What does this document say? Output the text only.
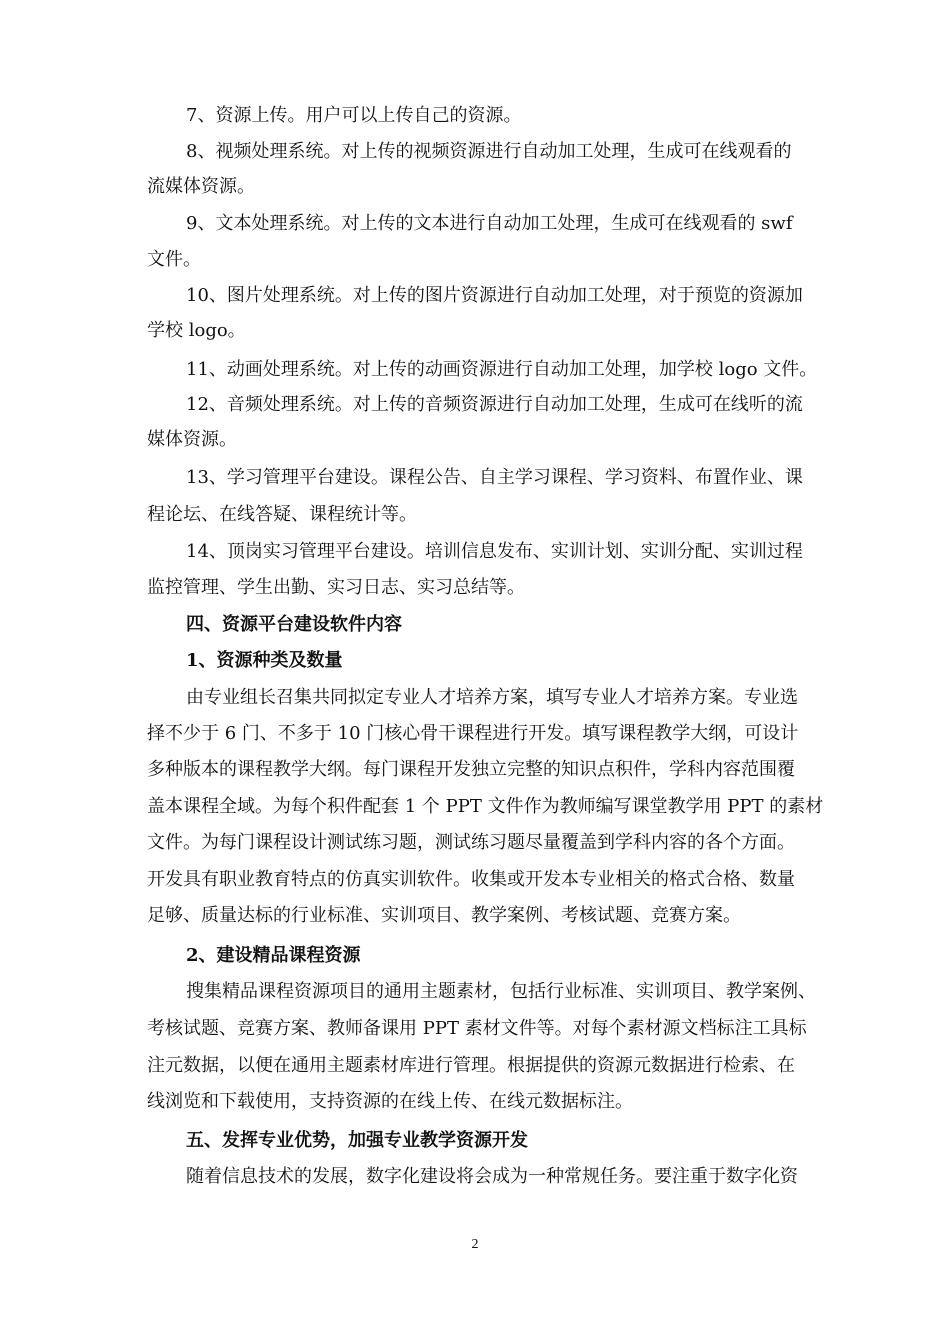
7、资源上传。用户可以上传自己的资源。
8、视频处理系统。对上传的视频资源进行自动加工处理，生成可在线观看的
流媒体资源。
9、文本处理系统。对上传的文本进行自动加工处理，生成可在线观看的 swf
文件。
10、图片处理系统。对上传的图片资源进行自动加工处理，对于预览的资源加
学校 logo。
11、动画处理系统。对上传的动画资源进行自动加工处理，加学校 logo 文件。
12、音频处理系统。对上传的音频资源进行自动加工处理，生成可在线听的流
媒体资源。
13、学习管理平台建设。课程公告、自主学习课程、学习资料、布置作业、课
程论坛、在线答疑、课程统计等。
14、顶岗实习管理平台建设。培训信息发布、实训计划、实训分配、实训过程
监控管理、学生出勤、实习日志、实习总结等。
四、资源平台建设软件内容
1、资源种类及数量
由专业组长召集共同拟定专业人才培养方案，填写专业人才培养方案。专业选
择不少于 6 门、不多于 10 门核心骨干课程进行开发。填写课程教学大纲，可设计
多种版本的课程教学大纲。每门课程开发独立完整的知识点积件，学科内容范围覆
盖本课程全域。为每个积件配套 1 个 PPT 文件作为教师编写课堂教学用 PPT 的素材
文件。为每门课程设计测试练习题，测试练习题尽量覆盖到学科内容的各个方面。
开发具有职业教育特点的仿真实训软件。收集或开发本专业相关的格式合格、数量
足够、质量达标的行业标准、实训项目、教学案例、考核试题、竞赛方案。
2、建设精品课程资源
搜集精品课程资源项目的通用主题素材，包括行业标准、实训项目、教学案例、
考核试题、竞赛方案、教师备课用 PPT 素材文件等。对每个素材源文档标注工具标
注元数据，以便在通用主题素材库进行管理。根据提供的资源元数据进行检索、在
线浏览和下载使用，支持资源的在线上传、在线元数据标注。
五、发挥专业优势，加强专业教学资源开发
随着信息技术的发展，数字化建设将会成为一种常规任务。要注重于数字化资
2
